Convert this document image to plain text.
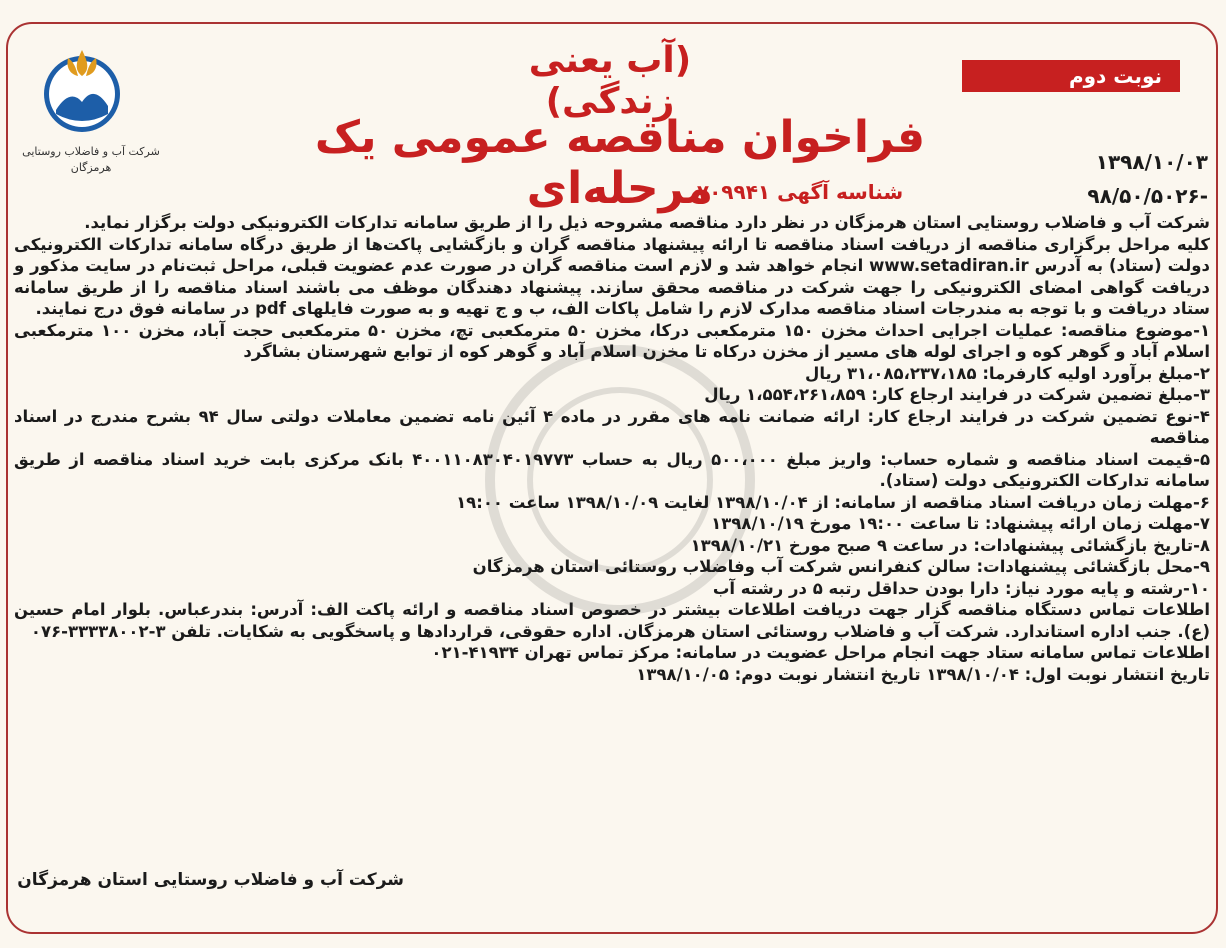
شرکت آب و فاضلاب روستایی هرمزگان
نوبت دوم
(آب یعنی زندگی)
فراخوان مناقصه عمومی یک مرحله‌ای
۱۳۹۸/۱۰/۰۳
-۹۸/۵۰/۵۰۲۶
شناسه آگهی ۷۰۹۹۴۱

شرکت آب و فاضلاب روستایی استان هرمزگان در نظر دارد مناقصه مشروحه ذیل را از طریق سامانه تدارکات الکترونیکی دولت برگزار نماید.

کلیه مراحل برگزاری مناقصه از دریافت اسناد مناقصه تا ارائه پیشنهاد مناقصه گران و بازگشایی پاکت‌ها از طریق درگاه سامانه تدارکات الکترونیکی دولت (ستاد) به آدرس www.setadiran.ir انجام خواهد شد و لازم است مناقصه گران در صورت عدم عضویت قبلی، مراحل ثبت‌نام در سایت مذکور و دریافت گواهی امضای الکترونیکی را جهت شرکت در مناقصه محقق سازند. پیشنهاد دهندگان موظف می باشند اسناد مناقصه را از طریق سامانه ستاد دریافت و با توجه به مندرجات اسناد مناقصه مدارک لازم را شامل پاکات الف، ب و ج تهیه و به صورت فایلهای pdf در سامانه فوق درج نمایند.

۱-موضوع مناقصه: عملیات اجرایی احداث مخزن ۱۵۰ مترمکعبی درکا، مخزن ۵۰ مترمکعبی تچ، مخزن ۵۰ مترمکعبی حجت آباد، مخزن ۱۰۰ مترمکعبی اسلام آباد و گوهر کوه و اجرای لوله های مسیر از مخزن درکاه تا مخزن اسلام آباد و گوهر کوه از توابع شهرستان بشاگرد
۲-مبلغ برآورد اولیه کارفرما: ۳۱،۰۸۵،۲۳۷،۱۸۵ ریال
۳-مبلغ تضمین شرکت در فرایند ارجاع کار: ۱،۵۵۴،۲۶۱،۸۵۹ ریال
۴-نوع تضمین شرکت در فرایند ارجاع کار: ارائه ضمانت نامه های مقرر در ماده ۴ آئین نامه تضمین معاملات دولتی سال ۹۴ بشرح مندرج در اسناد مناقصه
۵-قیمت اسناد مناقصه و شماره حساب: واریز مبلغ ۵۰۰،۰۰۰ ریال به حساب ۴۰۰۱۱۰۸۳۰۴۰۱۹۷۷۳ بانک مرکزی بابت خرید اسناد مناقصه از طریق سامانه تدارکات الکترونیکی دولت (ستاد).
۶-مهلت زمان دریافت اسناد مناقصه از سامانه: از ۱۳۹۸/۱۰/۰۴ لغایت ۱۳۹۸/۱۰/۰۹ ساعت ۱۹:۰۰
۷-مهلت زمان ارائه پیشنهاد: تا ساعت ۱۹:۰۰ مورخ ۱۳۹۸/۱۰/۱۹
۸-تاریخ بازگشائی پیشنهادات: در ساعت ۹ صبح مورخ ۱۳۹۸/۱۰/۲۱
۹-محل بازگشائی پیشنهادات: سالن کنفرانس شرکت آب وفاضلاب روستائی استان هرمزگان
۱۰-رشته و پایه مورد نیاز: دارا بودن حداقل رتبه ۵ در رشته آب

اطلاعات تماس دستگاه مناقصه گزار جهت دریافت اطلاعات بیشتر در خصوص اسناد مناقصه و ارائه پاکت الف: آدرس: بندرعباس. بلوار امام حسین (ع). جنب اداره استاندارد. شرکت آب و فاضلاب روستائی استان هرمزگان. اداره حقوقی، قراردادها و پاسخگویی به شکایات. تلفن ۳-۳۳۳۳۸۰۰۲-۰۷۶

اطلاعات تماس سامانه ستاد جهت انجام مراحل عضویت در سامانه: مرکز تماس تهران ۴۱۹۳۴-۰۲۱

تاریخ انتشار نوبت اول: ۱۳۹۸/۱۰/۰۴ تاریخ انتشار نوبت دوم: ۱۳۹۸/۱۰/۰۵

شرکت آب و فاضلاب روستایی استان هرمزگان
